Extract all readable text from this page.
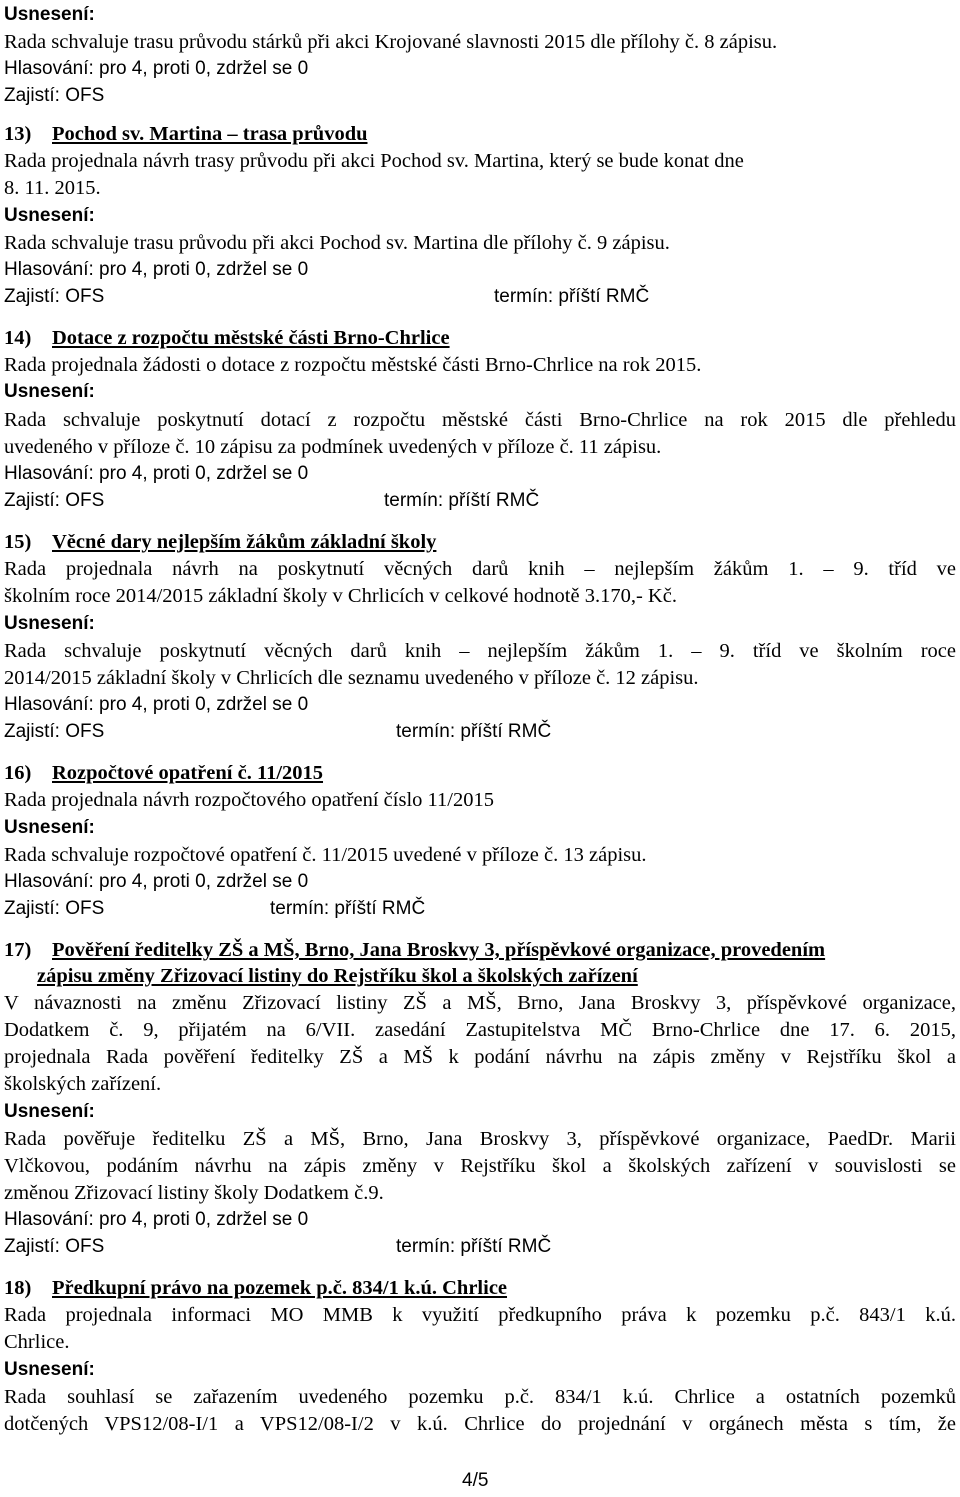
Usnesení:
Rada schvaluje trasu průvodu stárků při akci Krojované slavnosti 2015 dle přílohy č. 8 zápisu.
Hlasování: pro 4, proti 0, zdržel se 0
Zajistí: OFS
13) Pochod sv. Martina – trasa průvodu
Rada projednala návrh trasy průvodu při akci Pochod sv. Martina, který se bude konat dne
8. 11. 2015.
Usnesení:
Rada schvaluje trasu průvodu při akci Pochod sv. Martina dle přílohy č. 9 zápisu.
Hlasování: pro 4, proti 0, zdržel se 0
Zajistí: OFS	termín: příští RMČ
14) Dotace z rozpočtu městské části Brno-Chrlice
Rada projednala žádosti o dotace z rozpočtu městské části Brno-Chrlice na rok 2015.
Usnesení:
Rada schvaluje poskytnutí dotací z rozpočtu městské části Brno-Chrlice na rok 2015 dle přehledu
uvedeného v příloze č. 10 zápisu za podmínek uvedených v příloze č. 11 zápisu.
Hlasování: pro 4, proti 0, zdržel se 0
Zajistí: OFS	termín: příští RMČ
15) Věcné dary nejlepším žákům základní školy
Rada projednala návrh na poskytnutí věcných darů knih – nejlepším žákům 1. – 9. tříd ve
školním roce 2014/2015 základní školy v Chrlicích v celkové hodnotě 3.170,- Kč.
Usnesení:
Rada schvaluje poskytnutí věcných darů knih – nejlepším žákům 1. – 9. tříd ve školním roce
2014/2015 základní školy v Chrlicích dle seznamu uvedeného v příloze č. 12 zápisu.
Hlasování: pro 4, proti 0, zdržel se 0
Zajistí: OFS	termín: příští RMČ
16) Rozpočtové opatření č. 11/2015
Rada projednala návrh rozpočtového opatření číslo 11/2015
Usnesení:
Rada schvaluje rozpočtové opatření č. 11/2015 uvedené v příloze č. 13 zápisu.
Hlasování: pro 4, proti 0, zdržel se 0
Zajistí: OFS	termín: příští RMČ
17) Pověření ředitelky ZŠ a MŠ, Brno, Jana Broskvy 3, příspěvkové organizace, provedením
zápisu změny Zřizovací listiny do Rejstříku škol a školských zařízení
V návaznosti na změnu Zřizovací listiny ZŠ a MŠ, Brno, Jana Broskvy 3, příspěvkové organizace,
Dodatkem č. 9, přijatém na 6/VII. zasedání Zastupitelstva MČ Brno-Chrlice dne 17. 6. 2015,
projednala Rada pověření ředitelky ZŠ a MŠ k podání návrhu na zápis změny v Rejstříku škol a
školských zařízení.
Usnesení:
Rada pověřuje ředitelku ZŠ a MŠ, Brno, Jana Broskvy 3, příspěvkové organizace, PaedDr. Marii
Vlčkovou, podáním návrhu na zápis změny v Rejstříku škol a školských zařízení v souvislosti se
změnou Zřizovací listiny školy Dodatkem č.9.
Hlasování: pro 4, proti 0, zdržel se 0
Zajistí: OFS	termín: příští RMČ
18) Předkupní právo na pozemek p.č. 834/1 k.ú. Chrlice
Rada projednala informaci MO MMB k využití předkupního práva k pozemku p.č. 843/1 k.ú.
Chrlice.
Usnesení:
Rada souhlasí se zařazením uvedeného pozemku p.č. 834/1 k.ú. Chrlice a ostatních pozemků
dotčených VPS12/08-I/1 a VPS12/08-I/2 v k.ú. Chrlice do projednání v orgánech města s tím, že
4/5
